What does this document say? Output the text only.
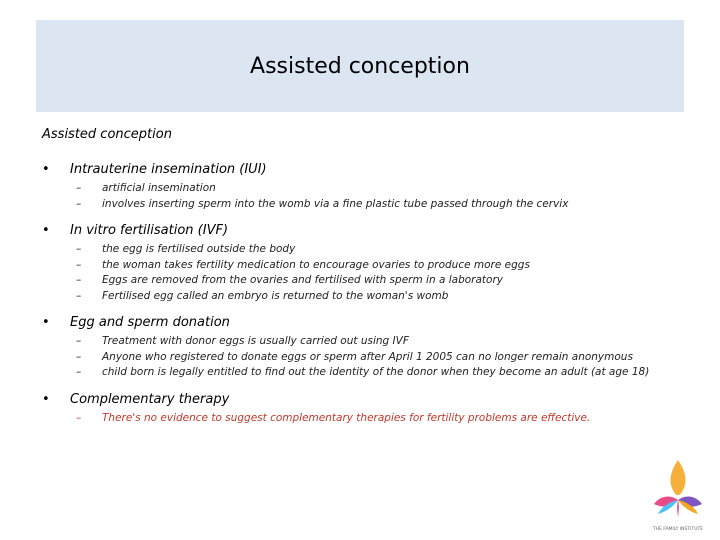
Assisted conception
Assisted conception
•	Intrauterine insemination (IUI)
–	artificial insemination
–	involves inserting sperm into the womb via a fine plastic tube passed through the cervix
•	In vitro fertilisation (IVF)
–	the egg is fertilised outside the body
–	the woman takes fertility medication to encourage ovaries to produce more eggs
–	Eggs are removed from the ovaries and fertilised with sperm in a laboratory
–	Fertilised egg called an embryo is returned to the woman's womb
•	Egg and sperm donation
–	Treatment with donor eggs is usually carried out using IVF
–	Anyone who registered to donate eggs or sperm after April 1 2005 can no longer remain anonymous
–	child born is legally entitled to find out the identity of the donor when they become an adult (at age 18)
•	Complementary therapy
–	There's no evidence to suggest complementary therapies for fertility problems are effective.
THE FAMILY INSTITUTE
